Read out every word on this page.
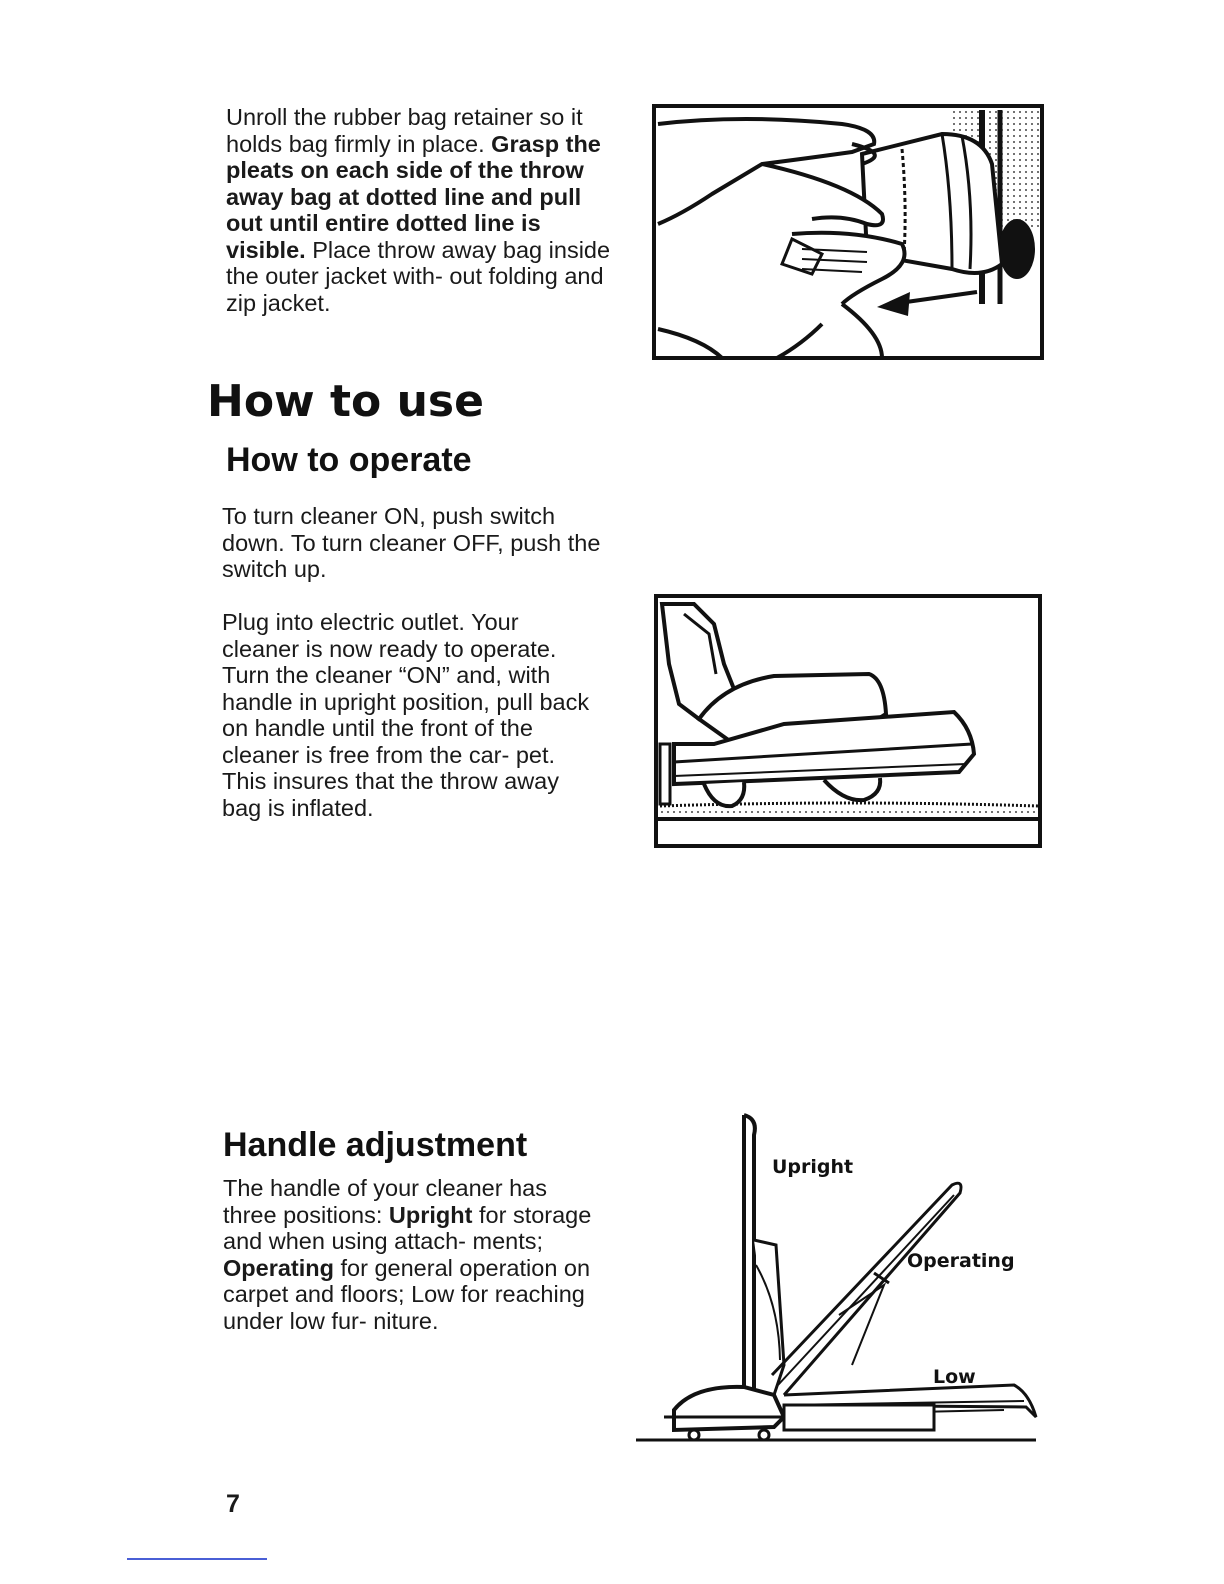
Unroll the rubber bag retainer so it holds bag firmly in place. Grasp the pleats on each side of the throw away bag at dotted line and pull out until entire dotted line is visible. Place throw away bag inside the outer jacket with- out folding and zip jacket.

How to use
How to operate

To turn cleaner ON, push switch down. To turn cleaner OFF, push the switch up.

Plug into electric outlet. Your cleaner is now ready to operate. Turn the cleaner “ON” and, with handle in upright position, pull back on handle until the front of the cleaner is free from the car- pet. This insures that the throw away bag is inflated.

Handle adjustment

The handle of your cleaner has three positions: Upright for storage and when using attach- ments; Operating for general operation on carpet and floors; Low for reaching under low fur- niture.

Upright
Operating
Low
7
